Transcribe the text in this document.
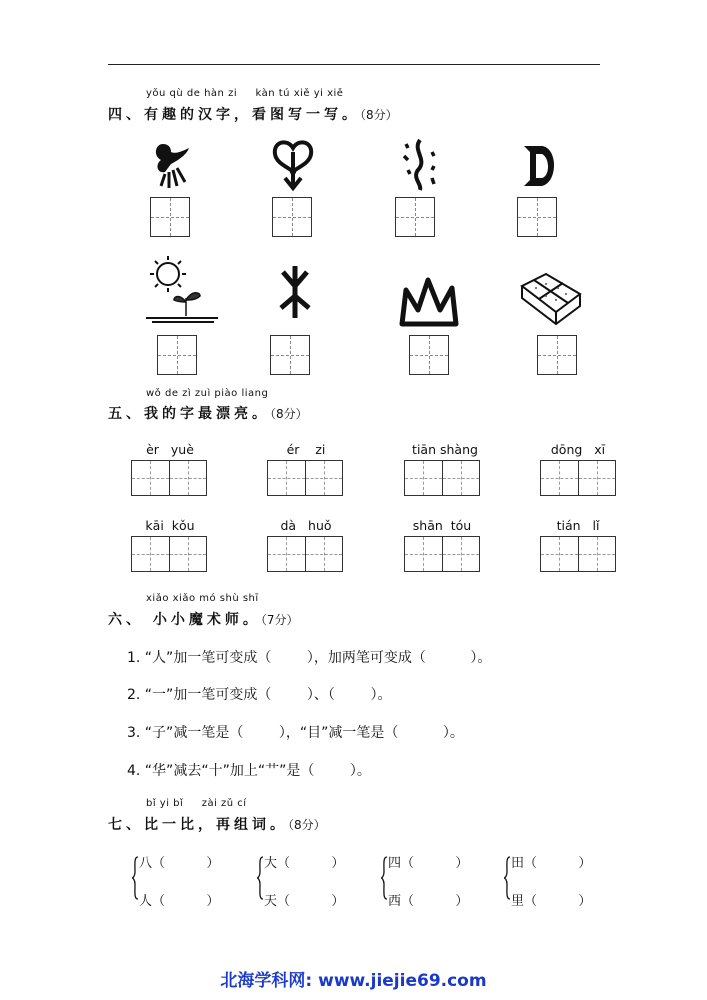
yǒu qù de hàn zi     kàn tú xiě yi xiě
四、有趣的汉字，看图写一写。（8分）
wǒ de zì zuì piào liang
五、我的字最漂亮。（8分）
èr yuè	ér zi	tiān shàng	dōng xī
kāi kǒu	dà huǒ	shān tóu	tián lǐ
xiǎo xiǎo mó shù shī
六、 小小魔术师。（7分）
1. “人”加一笔可变成（        ），加两笔可变成（          ）。
2. “一”加一笔可变成（        ）、（        ）。
3. “子”减一笔是（        ），“目”减一笔是（          ）。
4. “华”减去“十”加上“艹”是（        ）。
bǐ yi bǐ     zài zǔ cí
七、比一比，再组词。（8分）
八（          ）
人（          ）
大（          ）
天（          ）
四（          ）
西（          ）
田（          ）
里（          ）
北海学科网: www.jiejie69.com
